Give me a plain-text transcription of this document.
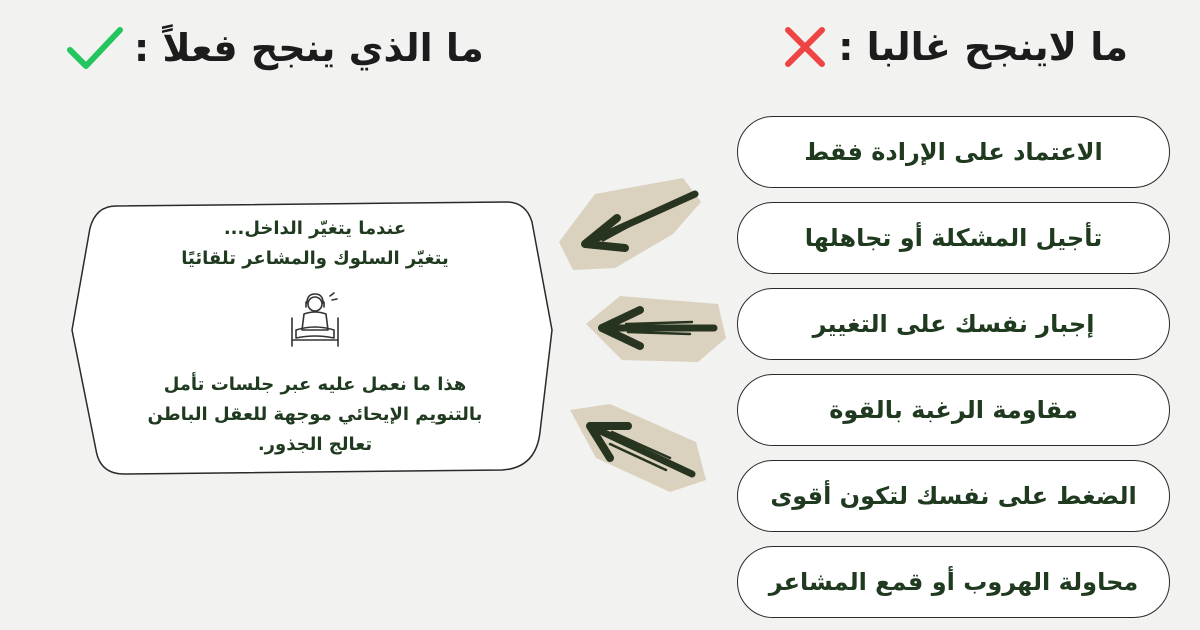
ما لاينجح غالبا :
ما الذي ينجح فعلاً :
الاعتماد على الإرادة فقط
تأجيل المشكلة أو تجاهلها
إجبار نفسك على التغيير
مقاومة الرغبة بالقوة
الضغط على نفسك لتكون أقوى
محاولة الهروب أو قمع المشاعر
عندما يتغيّر الداخل...
يتغيّر السلوك والمشاعر تلقائيًا
هذا ما نعمل عليه عبر جلسات تأمل
بالتنويم الإيحائي موجهة للعقل الباطن
تعالج الجذور.
